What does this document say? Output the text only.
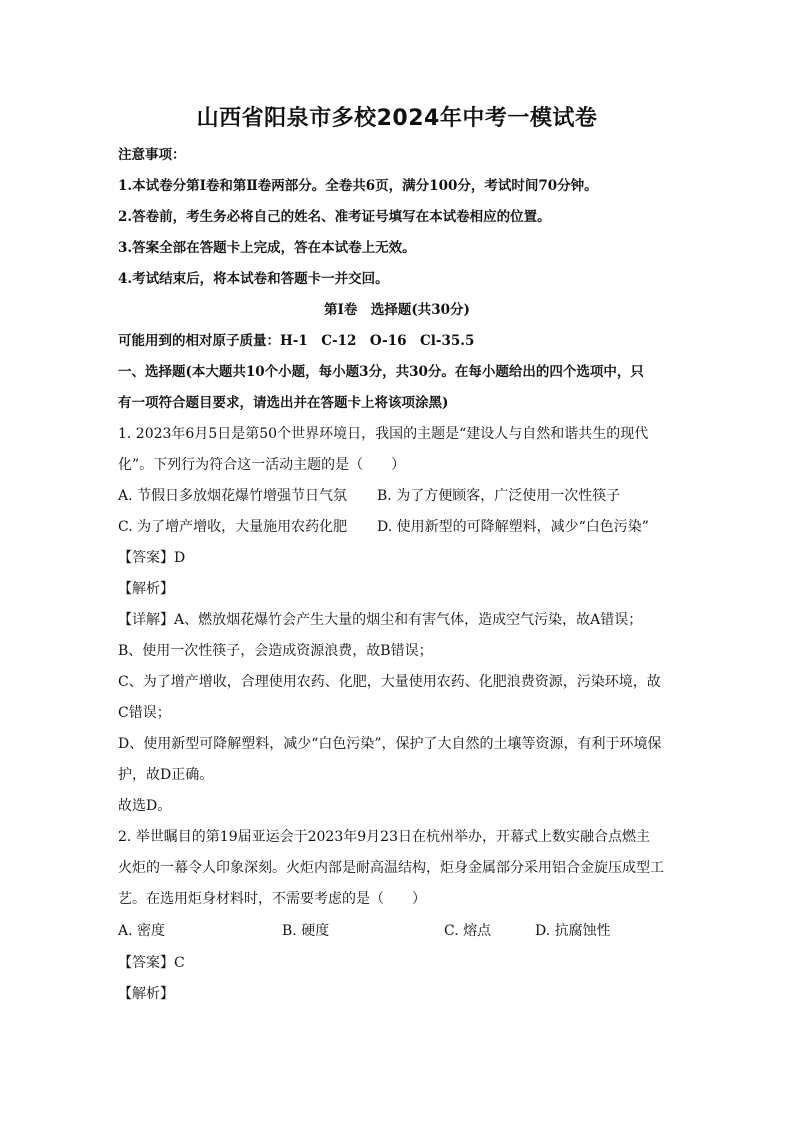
山西省阳泉市多校2024年中考一模试卷
注意事项：
1.本试卷分第Ⅰ卷和第Ⅱ卷两部分。全卷共6页，满分100分，考试时间70分钟。
2.答卷前，考生务必将自己的姓名、准考证号填写在本试卷相应的位置。
3.答案全部在答题卡上完成，答在本试卷上无效。
4.考试结束后，将本试卷和答题卡一并交回。
第Ⅰ卷　选择题(共30分)
可能用到的相对原子质量：H-1　C-12　O-16　Cl-35.5
一、选择题(本大题共10个小题，每小题3分，共30分。在每小题给出的四个选项中，只
有一项符合题目要求，请选出并在答题卡上将该项涂黑)
1. 2023年6月5日是第50个世界环境日，我国的主题是“建设人与自然和谐共生的现代
化”。下列行为符合这一活动主题的是（　　）
A. 节假日多放烟花爆竹增强节日气氛 B. 为了方便顾客，广泛使用一次性筷子
C. 为了增产增收，大量施用农药化肥 D. 使用新型的可降解塑料，减少“白色污染”
【答案】D
【解析】
【详解】A、燃放烟花爆竹会产生大量的烟尘和有害气体，造成空气污染，故A错误；
B、使用一次性筷子，会造成资源浪费，故B错误；
C、为了增产增收，合理使用农药、化肥，大量使用农药、化肥浪费资源，污染环境，故
C错误；
D、使用新型可降解塑料，减少“白色污染”，保护了大自然的土壤等资源，有利于环境保
护，故D正确。
故选D。
2. 举世瞩目的第19届亚运会于2023年9月23日在杭州举办，开幕式上数实融合点燃主
火炬的一幕令人印象深刻。火炬内部是耐高温结构，炬身金属部分采用铝合金旋压成型工
艺。在选用炬身材料时，不需要考虑的是（　　）
A. 密度	B. 硬度	C. 熔点	D. 抗腐蚀性
【答案】C
【解析】
